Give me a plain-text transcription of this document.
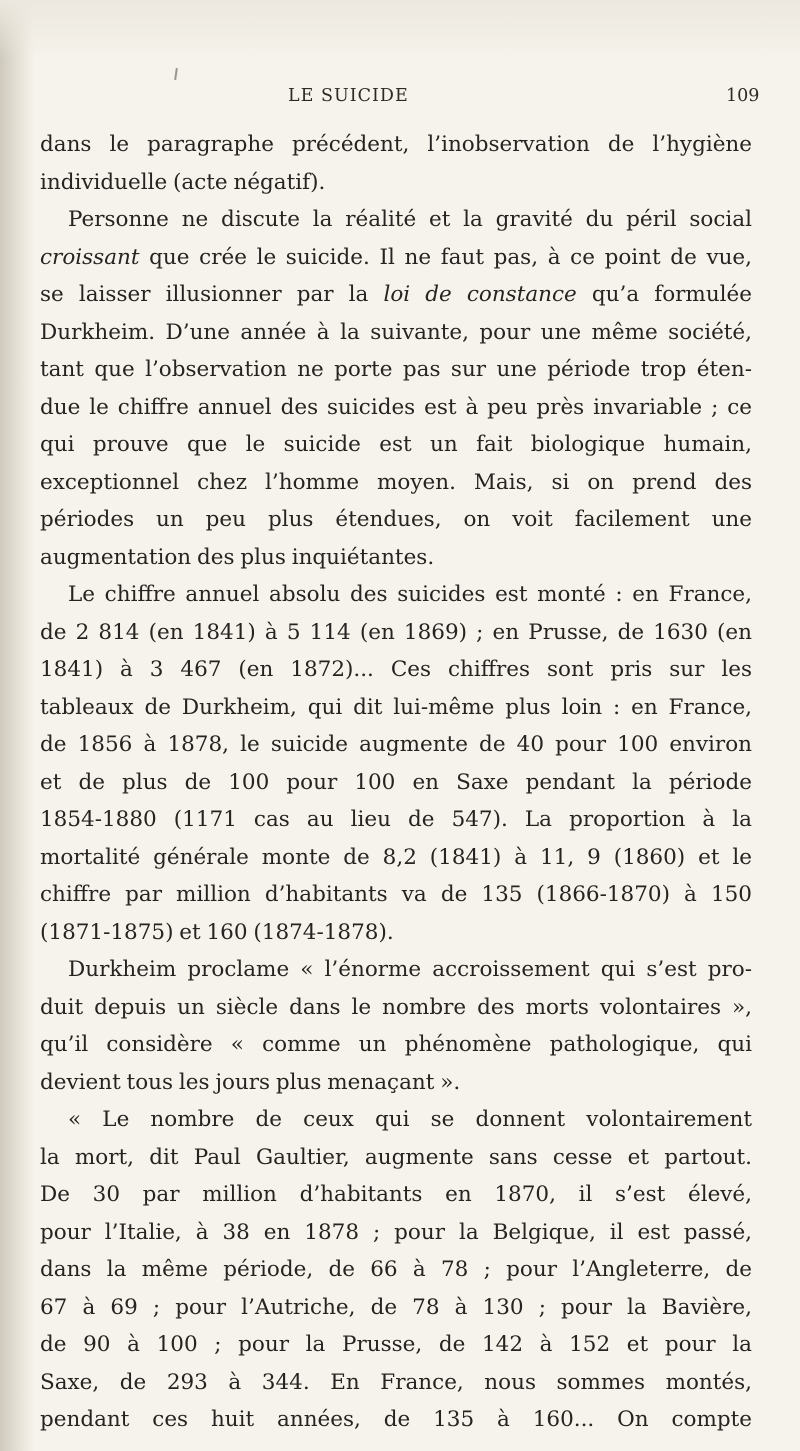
LE SUICIDE	109
dans le paragraphe précédent, l’inobservation de l’hygiène
individuelle (acte négatif).
Personne ne discute la réalité et la gravité du péril social
croissant que crée le suicide. Il ne faut pas, à ce point de vue,
se laisser illusionner par la loi de constance qu’a formulée
Durkheim. D’une année à la suivante, pour une même société,
tant que l’observation ne porte pas sur une période trop éten-
due le chiffre annuel des suicides est à peu près invariable ; ce
qui prouve que le suicide est un fait biologique humain,
exceptionnel chez l’homme moyen. Mais, si on prend des
périodes un peu plus étendues, on voit facilement une
augmentation des plus inquiétantes.
Le chiffre annuel absolu des suicides est monté : en France,
de 2 814 (en 1841) à 5 114 (en 1869) ; en Prusse, de 1630 (en
1841) à 3 467 (en 1872)... Ces chiffres sont pris sur les
tableaux de Durkheim, qui dit lui-même plus loin : en France,
de 1856 à 1878, le suicide augmente de 40 pour 100 environ
et de plus de 100 pour 100 en Saxe pendant la période
1854-1880 (1171 cas au lieu de 547). La proportion à la
mortalité générale monte de 8,2 (1841) à 11, 9 (1860) et le
chiffre par million d’habitants va de 135 (1866-1870) à 150
(1871-1875) et 160 (1874-1878).
Durkheim proclame « l’énorme accroissement qui s’est pro-
duit depuis un siècle dans le nombre des morts volontaires »,
qu’il considère « comme un phénomène pathologique, qui
devient tous les jours plus menaçant ».
« Le nombre de ceux qui se donnent volontairement
la mort, dit Paul Gaultier, augmente sans cesse et partout.
De 30 par million d’habitants en 1870, il s’est élevé,
pour l’Italie, à 38 en 1878 ; pour la Belgique, il est passé,
dans la même période, de 66 à 78 ; pour l’Angleterre, de
67 à 69 ; pour l’Autriche, de 78 à 130 ; pour la Bavière,
de 90 à 100 ; pour la Prusse, de 142 à 152 et pour la
Saxe, de 293 à 344. En France, nous sommes montés,
pendant ces huit années, de 135 à 160... On compte
